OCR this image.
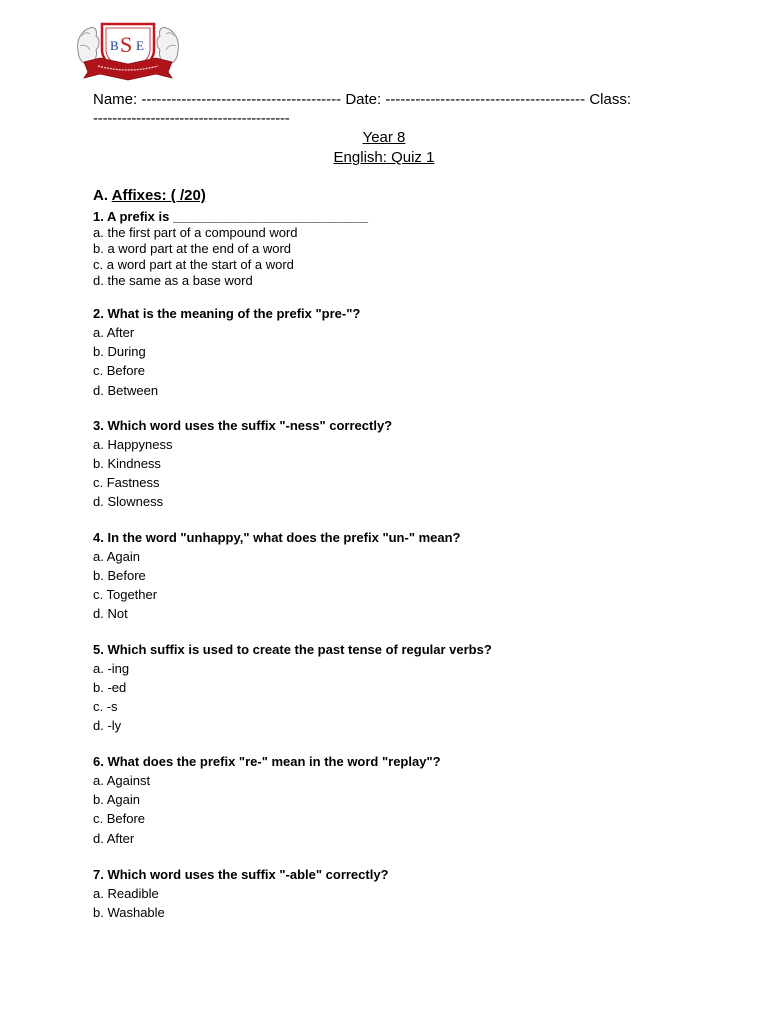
B S E
Name: ---------------------------------------- Date: ---------------------------------------- Class:
-----------------------------------------
Year 8
English: Quiz 1
A. Affixes: ( /20)
1. A prefix is ___________________________
a. the first part of a compound word
b. a word part at the end of a word
c. a word part at the start of a word
d. the same as a base word
2. What is the meaning of the prefix "pre-"?
a. After
b. During
c. Before
d. Between
3. Which word uses the suffix "-ness" correctly?
a. Happyness
b. Kindness
c. Fastness
d. Slowness
4. In the word "unhappy," what does the prefix "un-" mean?
a. Again
b. Before
c. Together
d. Not
5. Which suffix is used to create the past tense of regular verbs?
a. -ing
b. -ed
c. -s
d. -ly
6. What does the prefix "re-" mean in the word "replay"?
a. Against
b. Again
c. Before
d. After
7. Which word uses the suffix "-able" correctly?
a. Readible
b. Washable
